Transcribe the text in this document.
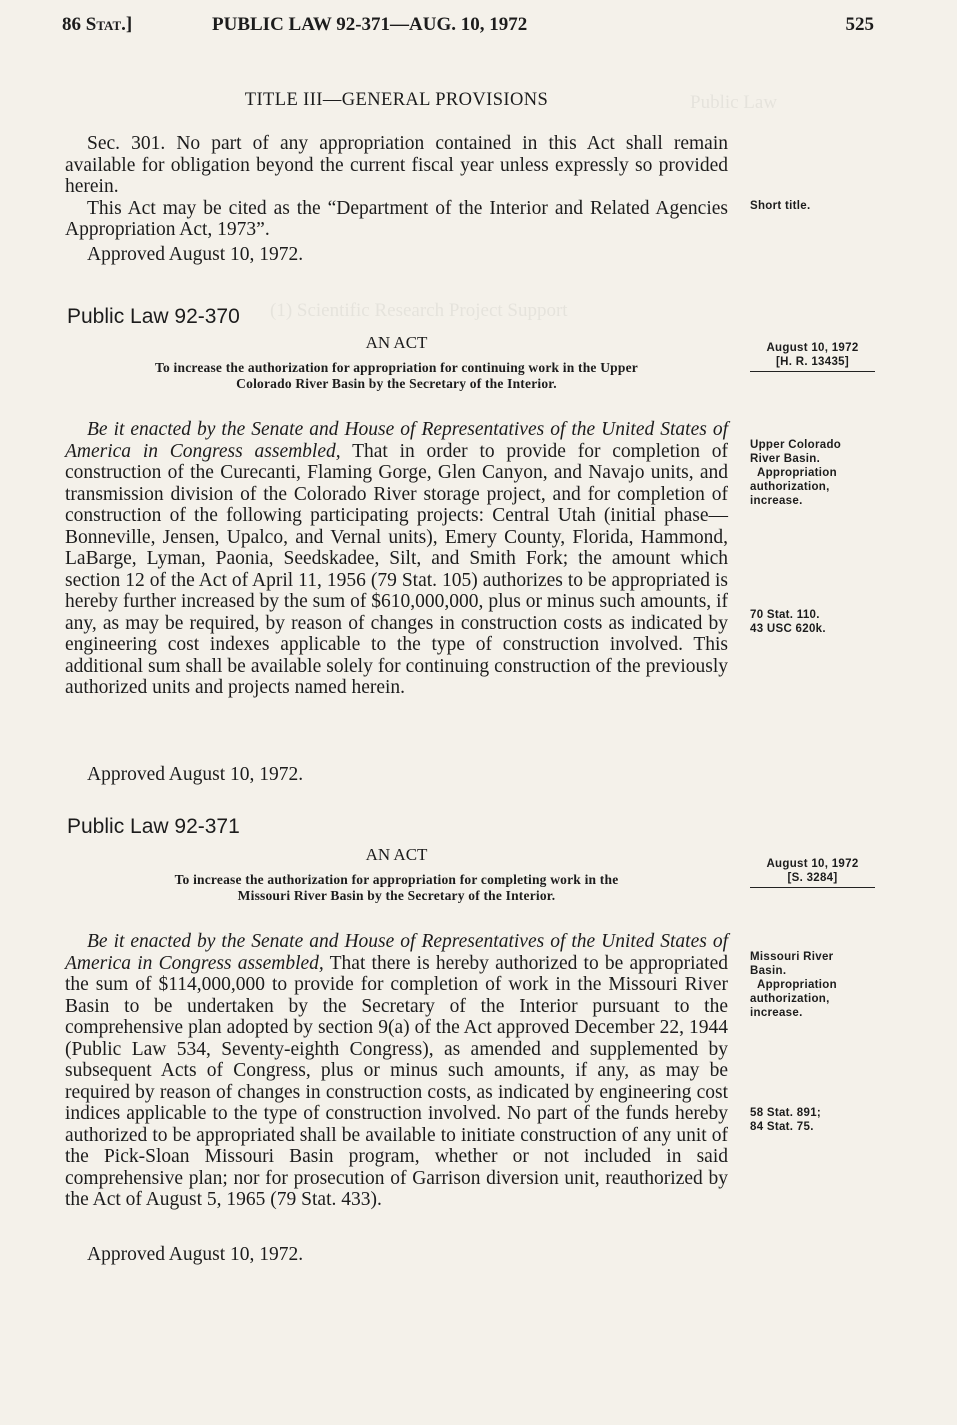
Public Law
(1) Scientific Research Project Support
86 Stat.]	PUBLIC LAW 92-371—AUG. 10, 1972	525
TITLE III—GENERAL PROVISIONS

Sec. 301. No part of any appropriation contained in this Act shall remain available for obligation beyond the current fiscal year unless expressly so provided herein.

This Act may be cited as the “Department of the Interior and Related Agencies Appropriation Act, 1973”.

Approved August 10, 1972.
Short title.
Public Law 92-370
AN ACT
To increase the authorization for appropriation for continuing work in the Upper
Colorado River Basin by the Secretary of the Interior.
August 10, 1972
[H. R. 13435]

Be it enacted by the Senate and House of Representatives of the United States of America in Congress assembled, That in order to provide for completion of construction of the Curecanti, Flaming Gorge, Glen Canyon, and Navajo units, and transmission division of the Colorado River storage project, and for completion of construction of the following participating projects: Central Utah (initial phase—Bonneville, Jensen, Upalco, and Vernal units), Emery County, Florida, Hammond, LaBarge, Lyman, Paonia, Seedskadee, Silt, and Smith Fork; the amount which section 12 of the Act of April 11, 1956 (79 Stat. 105) authorizes to be appropriated is hereby further increased by the sum of $610,000,000, plus or minus such amounts, if any, as may be required, by reason of changes in construction costs as indicated by engineering cost indexes applicable to the type of construction involved. This additional sum shall be available solely for continuing construction of the previously authorized units and projects named herein.

Approved August 10, 1972.
Upper Colorado
River Basin.
Appropriation
authorization,
increase.
70 Stat. 110.
43 USC 620k.
Public Law 92-371
AN ACT
To increase the authorization for appropriation for completing work in the
Missouri River Basin by the Secretary of the Interior.
August 10, 1972
[S. 3284]

Be it enacted by the Senate and House of Representatives of the United States of America in Congress assembled, That there is hereby authorized to be appropriated the sum of $114,000,000 to provide for completion of work in the Missouri River Basin to be undertaken by the Secretary of the Interior pursuant to the comprehensive plan adopted by section 9(a) of the Act approved December 22, 1944 (Public Law 534, Seventy-eighth Congress), as amended and supplemented by subsequent Acts of Congress, plus or minus such amounts, if any, as may be required by reason of changes in construction costs, as indicated by engineering cost indices applicable to the type of construction involved. No part of the funds hereby authorized to be appropriated shall be available to initiate construction of any unit of the Pick-Sloan Missouri Basin program, whether or not included in said comprehensive plan; nor for prosecution of Garrison diversion unit, reauthorized by the Act of August 5, 1965 (79 Stat. 433).

Approved August 10, 1972.
Missouri River
Basin.
Appropriation
authorization,
increase.
58 Stat. 891;
84 Stat. 75.
